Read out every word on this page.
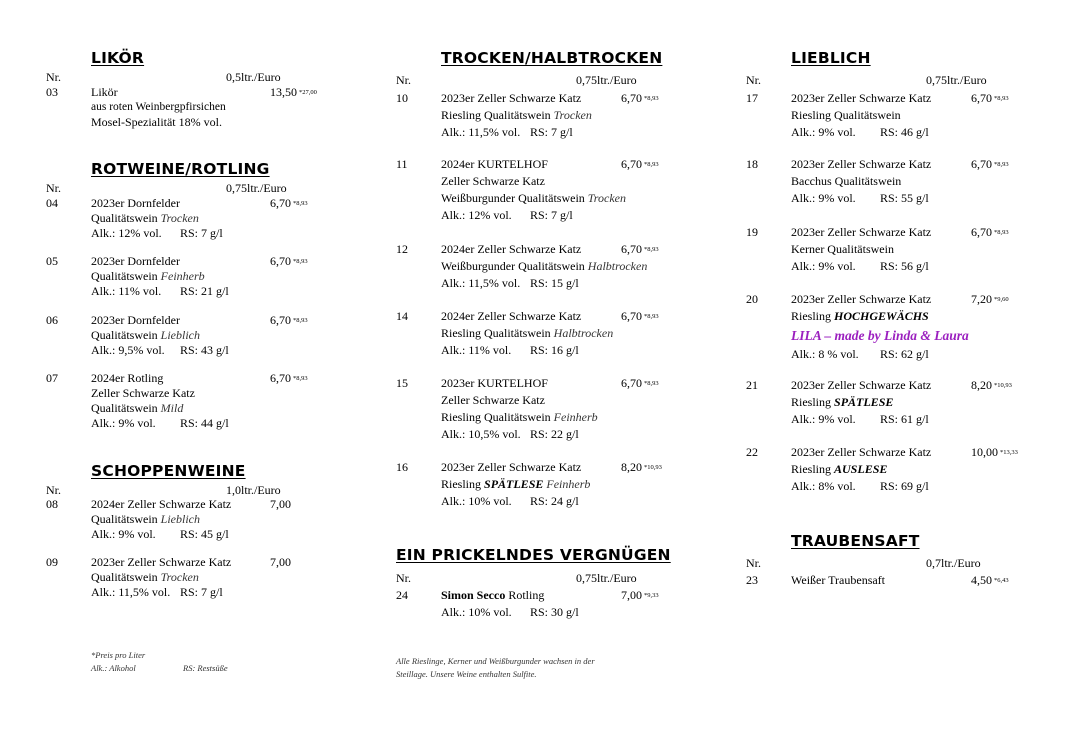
LIKÖR
Nr.	0,5ltr./Euro
03	Likör	13,50 $^{*27,00}$
aus roten Weinbergpfirsichen
Mosel-Spezialität 18% vol.
ROTWEINE/ROTLING
Nr.	0,75ltr./Euro
04	2023er Dornfelder	6,70 $^{*8,93}$
Qualitätswein Trocken
Alk.: 12% vol. RS: 7 g/l
05	2023er Dornfelder	6,70 $^{*8,93}$
Qualitätswein Feinherb
Alk.: 11% vol. RS: 21 g/l
06	2023er Dornfelder	6,70 $^{*8,93}$
Qualitätswein Lieblich
Alk.: 9,5% vol. RS: 43 g/l
07	2024er Rotling	6,70 $^{*8,93}$
Zeller Schwarze Katz
Qualitätswein Mild
Alk.: 9% vol. RS: 44 g/l
SCHOPPENWEINE
Nr.	1,0ltr./Euro
08	2024er Zeller Schwarze Katz	7,00
Qualitätswein Lieblich
Alk.: 9% vol. RS: 45 g/l
09	2023er Zeller Schwarze Katz	7,00
Qualitätswein Trocken
Alk.: 11,5% vol. RS: 7 g/l
*Preis pro Liter
Alk.: Alkohol	RS: Restsüße
TROCKEN/HALBTROCKEN
Nr.	0,75ltr./Euro
10	2023er Zeller Schwarze Katz	6,70 $^{*8,93}$
Riesling Qualitätswein Trocken
Alk.: 11,5% vol. RS: 7 g/l
11	2024er KURTELHOF	6,70 $^{*8,93}$
Zeller Schwarze Katz
Weißburgunder Qualitätswein Trocken
Alk.: 12% vol. RS: 7 g/l
12	2024er Zeller Schwarze Katz	6,70 $^{*8,93}$
Weißburgunder Qualitätswein Halbtrocken
Alk.: 11,5% vol. RS: 15 g/l
14	2024er Zeller Schwarze Katz	6,70 $^{*8,93}$
Riesling Qualitätswein Halbtrocken
Alk.: 11% vol. RS: 16 g/l
15	2023er KURTELHOF	6,70 $^{*8,93}$
Zeller Schwarze Katz
Riesling Qualitätswein Feinherb
Alk.: 10,5% vol. RS: 22 g/l
16	2023er Zeller Schwarze Katz	8,20 $^{*10,93}$
Riesling SPÄTLESE Feinherb
Alk.: 10% vol. RS: 24 g/l
EIN PRICKELNDES VERGNÜGEN
Nr.	0,75ltr./Euro
24	Simon Secco Rotling	7,00 $^{*9,33}$
Alk.: 10% vol. RS: 30 g/l
Alle Rieslinge, Kerner und Weißburgunder wachsen in der
Steillage. Unsere Weine enthalten Sulfite.
LIEBLICH
Nr.	0,75ltr./Euro
17	2023er Zeller Schwarze Katz	6,70 $^{*8,93}$
Riesling Qualitätswein
Alk.: 9% vol. RS: 46 g/l
18	2023er Zeller Schwarze Katz	6,70 $^{*8,93}$
Bacchus Qualitätswein
Alk.: 9% vol. RS: 55 g/l
19	2023er Zeller Schwarze Katz	6,70 $^{*8,93}$
Kerner Qualitätswein
Alk.: 9% vol. RS: 56 g/l
20	2023er Zeller Schwarze Katz	7,20 $^{*9,60}$
Riesling HOCHGEWÄCHS
LILA – made by Linda & Laura
Alk.: 8 % vol. RS: 62 g/l
21	2023er Zeller Schwarze Katz	8,20 $^{*10,93}$
Riesling SPÄTLESE
Alk.: 9% vol. RS: 61 g/l
22	2023er Zeller Schwarze Katz	10,00 $^{*13,33}$
Riesling AUSLESE
Alk.: 8% vol. RS: 69 g/l
TRAUBENSAFT
Nr.	0,7ltr./Euro
23	Weißer Traubensaft	4,50 $^{*6,43}$
